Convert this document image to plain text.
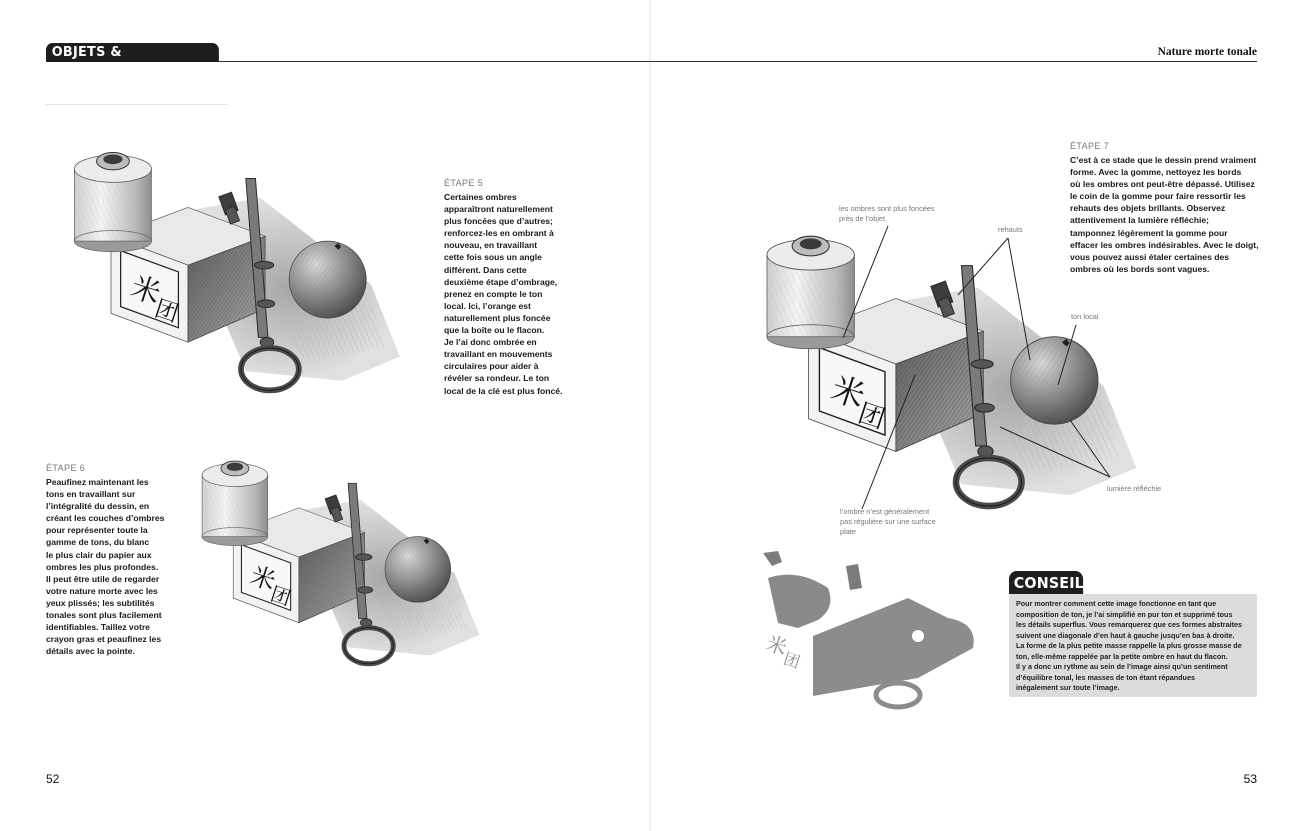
OBJETS & OBSERVATION
Nature morte tonale
米
团
米
团
米
团
les ombres sont plus foncées
près de l’objet
rehauts
ton local
lumière réfléchie
l’ombre n’est généralement
pas régulière sur une surface
plate
ÉTAPE 5
Certaines ombres
apparaîtront naturellement
plus foncées que d’autres;
renforcez-les en ombrant à
nouveau, en travaillant
cette fois sous un angle
différent. Dans cette
deuxième étape d’ombrage,
prenez en compte le ton
local. Ici, l’orange est
naturellement plus foncée
que la boîte ou le flacon.
Je l’ai donc ombrée en
travaillant en mouvements
circulaires pour aider à
révéler sa rondeur. Le ton
local de la clé est plus foncé.
ÉTAPE 6
Peaufinez maintenant les
tons en travaillant sur
l’intégralité du dessin, en
créant les couches d’ombres
pour représenter toute la
gamme de tons, du blanc
le plus clair du papier aux
ombres les plus profondes.
Il peut être utile de regarder
votre nature morte avec les
yeux plissés; les subtilités
tonales sont plus facilement
identifiables. Taillez votre
crayon gras et peaufinez les
détails avec la pointe.
ÉTAPE 7
C’est à ce stade que le dessin prend vraiment
forme. Avec la gomme, nettoyez les bords
où les ombres ont peut-être dépassé. Utilisez
le coin de la gomme pour faire ressortir les
rehauts des objets brillants. Observez
attentivement la lumière réfléchie;
tamponnez légèrement la gomme pour
effacer les ombres indésirables. Avec le doigt,
vous pouvez aussi étaler certaines des
ombres où les bords sont vagues.
米
团
CONSEIL
Pour montrer comment cette image fonctionne en tant que
composition de ton, je l’ai simplifié en pur ton et supprimé tous
les détails superflus. Vous remarquerez que ces formes abstraites
suivent une diagonale d’en haut à gauche jusqu’en bas à droite.
La forme de la plus petite masse rappelle la plus grosse masse de
ton, elle-même rappelée par la petite ombre en haut du flacon.
Il y a donc un rythme au sein de l’image ainsi qu’un sentiment
d’équilibre tonal, les masses de ton étant répandues
inégalement sur toute l’image.
52	53
